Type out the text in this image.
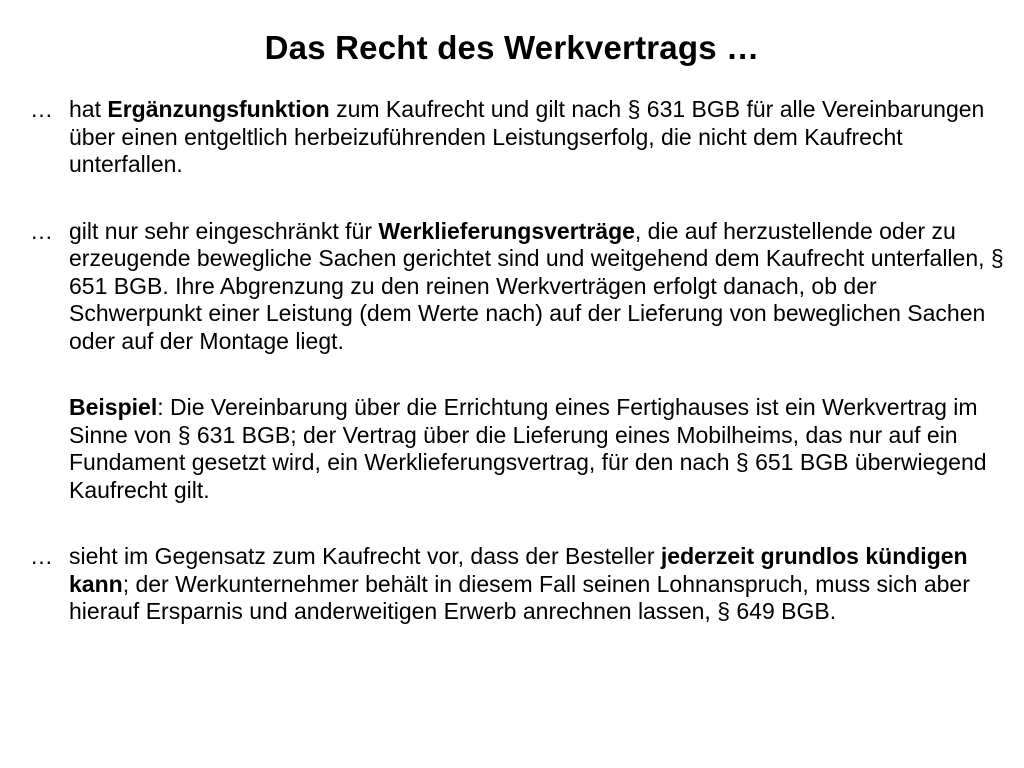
Das Recht des Werkvertrags …
… hat Ergänzungsfunktion zum Kaufrecht und gilt nach § 631 BGB für alle Vereinbarungen über einen entgeltlich herbeizuführenden Leistungserfolg, die nicht dem Kaufrecht unterfallen.
… gilt nur sehr eingeschränkt für Werklieferungsverträge, die auf herzustellende oder zu erzeugende bewegliche Sachen gerichtet sind und weitgehend dem Kaufrecht unterfallen, § 651 BGB. Ihre Abgrenzung zu den reinen Werkverträgen erfolgt danach, ob der Schwerpunkt einer Leistung (dem Werte nach) auf der Lieferung von beweglichen Sachen oder auf der Montage liegt.
Beispiel: Die Vereinbarung über die Errichtung eines Fertighauses ist ein Werkvertrag im Sinne von § 631 BGB; der Vertrag über die Lieferung eines Mobilheims, das nur auf ein Fundament gesetzt wird, ein Werklieferungsvertrag, für den nach § 651 BGB überwiegend Kaufrecht gilt.
… sieht im Gegensatz zum Kaufrecht vor, dass der Besteller jederzeit grundlos kündigen kann; der Werkunternehmer behält in diesem Fall seinen Lohnanspruch, muss sich aber hierauf Ersparnis und anderweitigen Erwerb anrechnen lassen, § 649 BGB.
